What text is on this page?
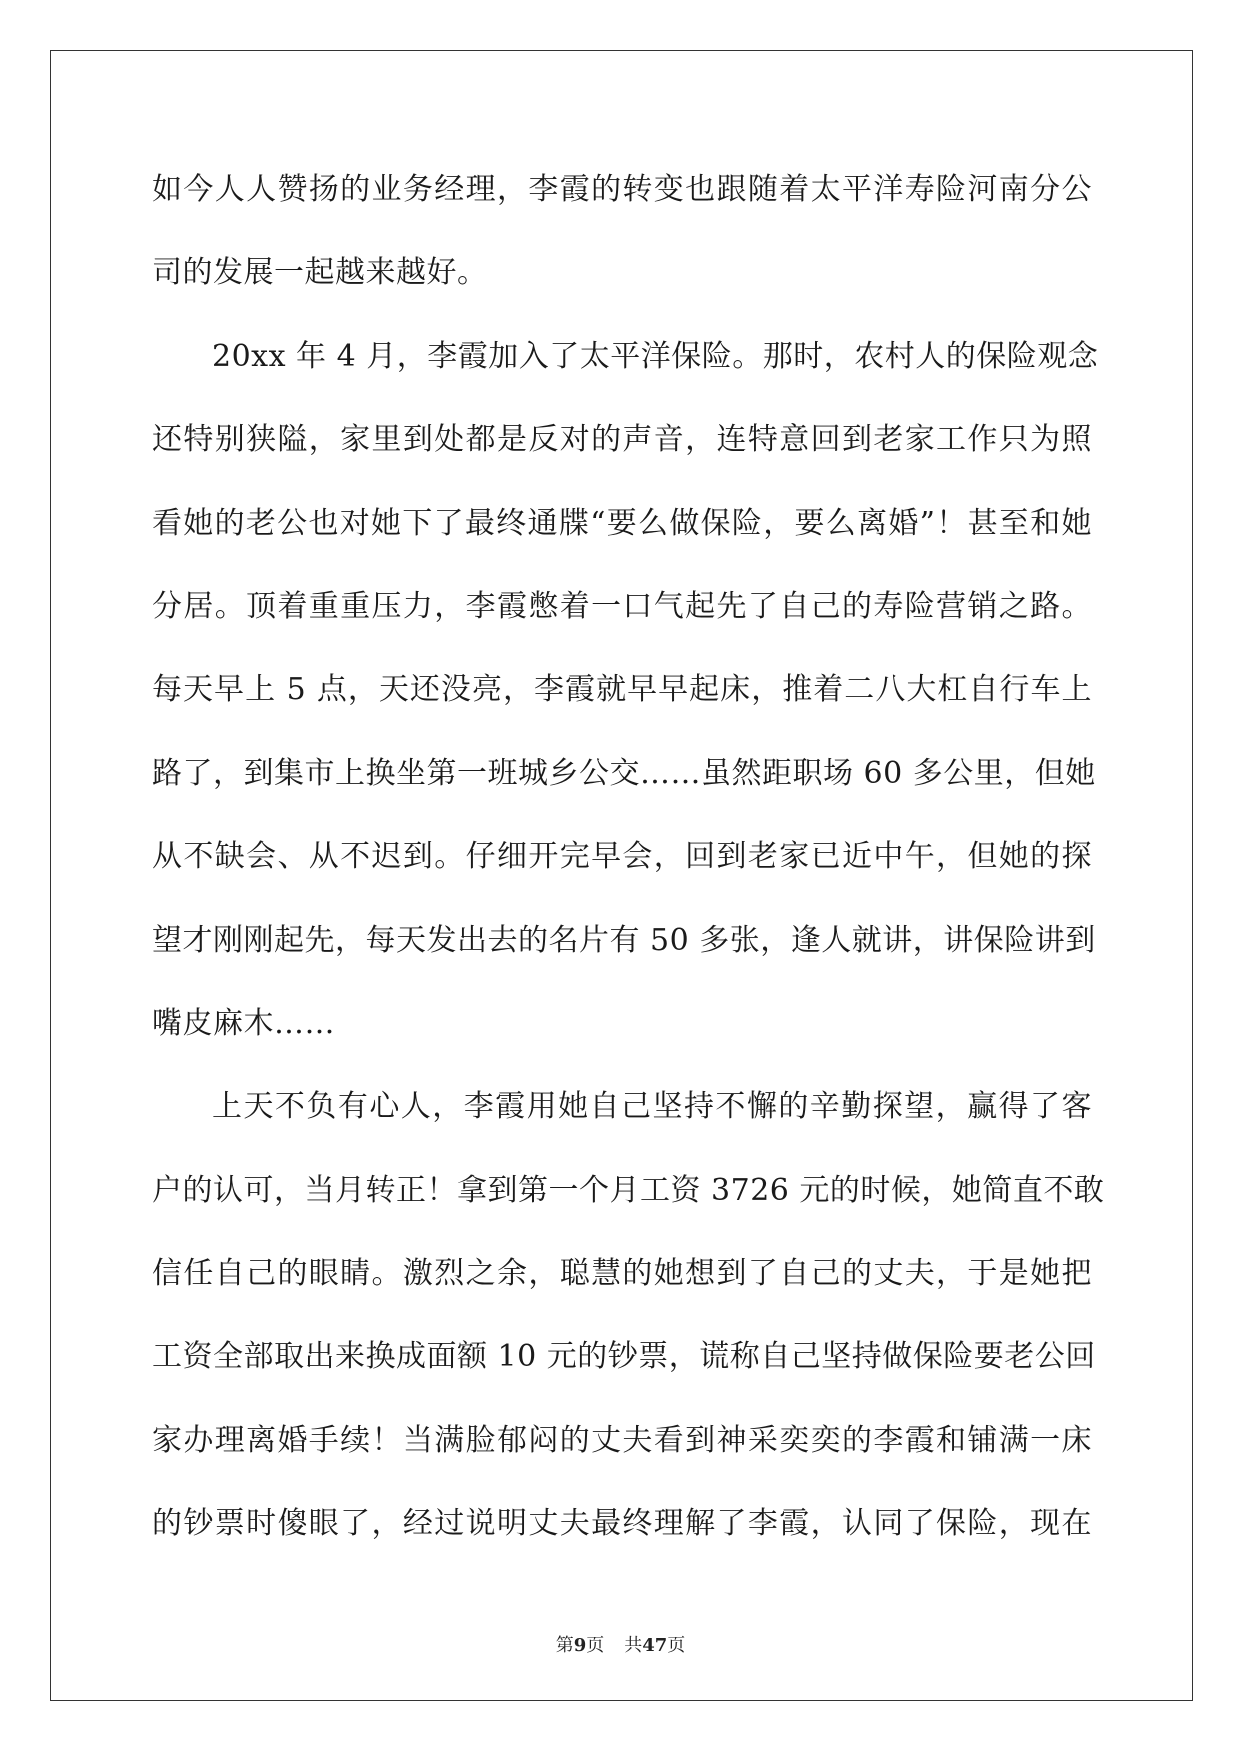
如今人人赞扬的业务经理，李霞的转变也跟随着太平洋寿险河南分公
司的发展一起越来越好。
20xx 年 4 月，李霞加入了太平洋保险。那时，农村人的保险观念
还特别狭隘，家里到处都是反对的声音，连特意回到老家工作只为照
看她的老公也对她下了最终通牒“要么做保险，要么离婚”！甚至和她
分居。顶着重重压力，李霞憋着一口气起先了自己的寿险营销之路。
每天早上 5 点，天还没亮，李霞就早早起床，推着二八大杠自行车上
路了，到集市上换坐第一班城乡公交……虽然距职场 60 多公里，但她
从不缺会、从不迟到。仔细开完早会，回到老家已近中午，但她的探
望才刚刚起先，每天发出去的名片有 50 多张，逢人就讲，讲保险讲到
嘴皮麻木……
上天不负有心人，李霞用她自己坚持不懈的辛勤探望，赢得了客
户的认可，当月转正！拿到第一个月工资 3726 元的时候，她简直不敢
信任自己的眼睛。激烈之余，聪慧的她想到了自己的丈夫，于是她把
工资全部取出来换成面额 10 元的钞票，谎称自己坚持做保险要老公回
家办理离婚手续！当满脸郁闷的丈夫看到神采奕奕的李霞和铺满一床
的钞票时傻眼了，经过说明丈夫最终理解了李霞，认同了保险，现在
第9页 共47页
